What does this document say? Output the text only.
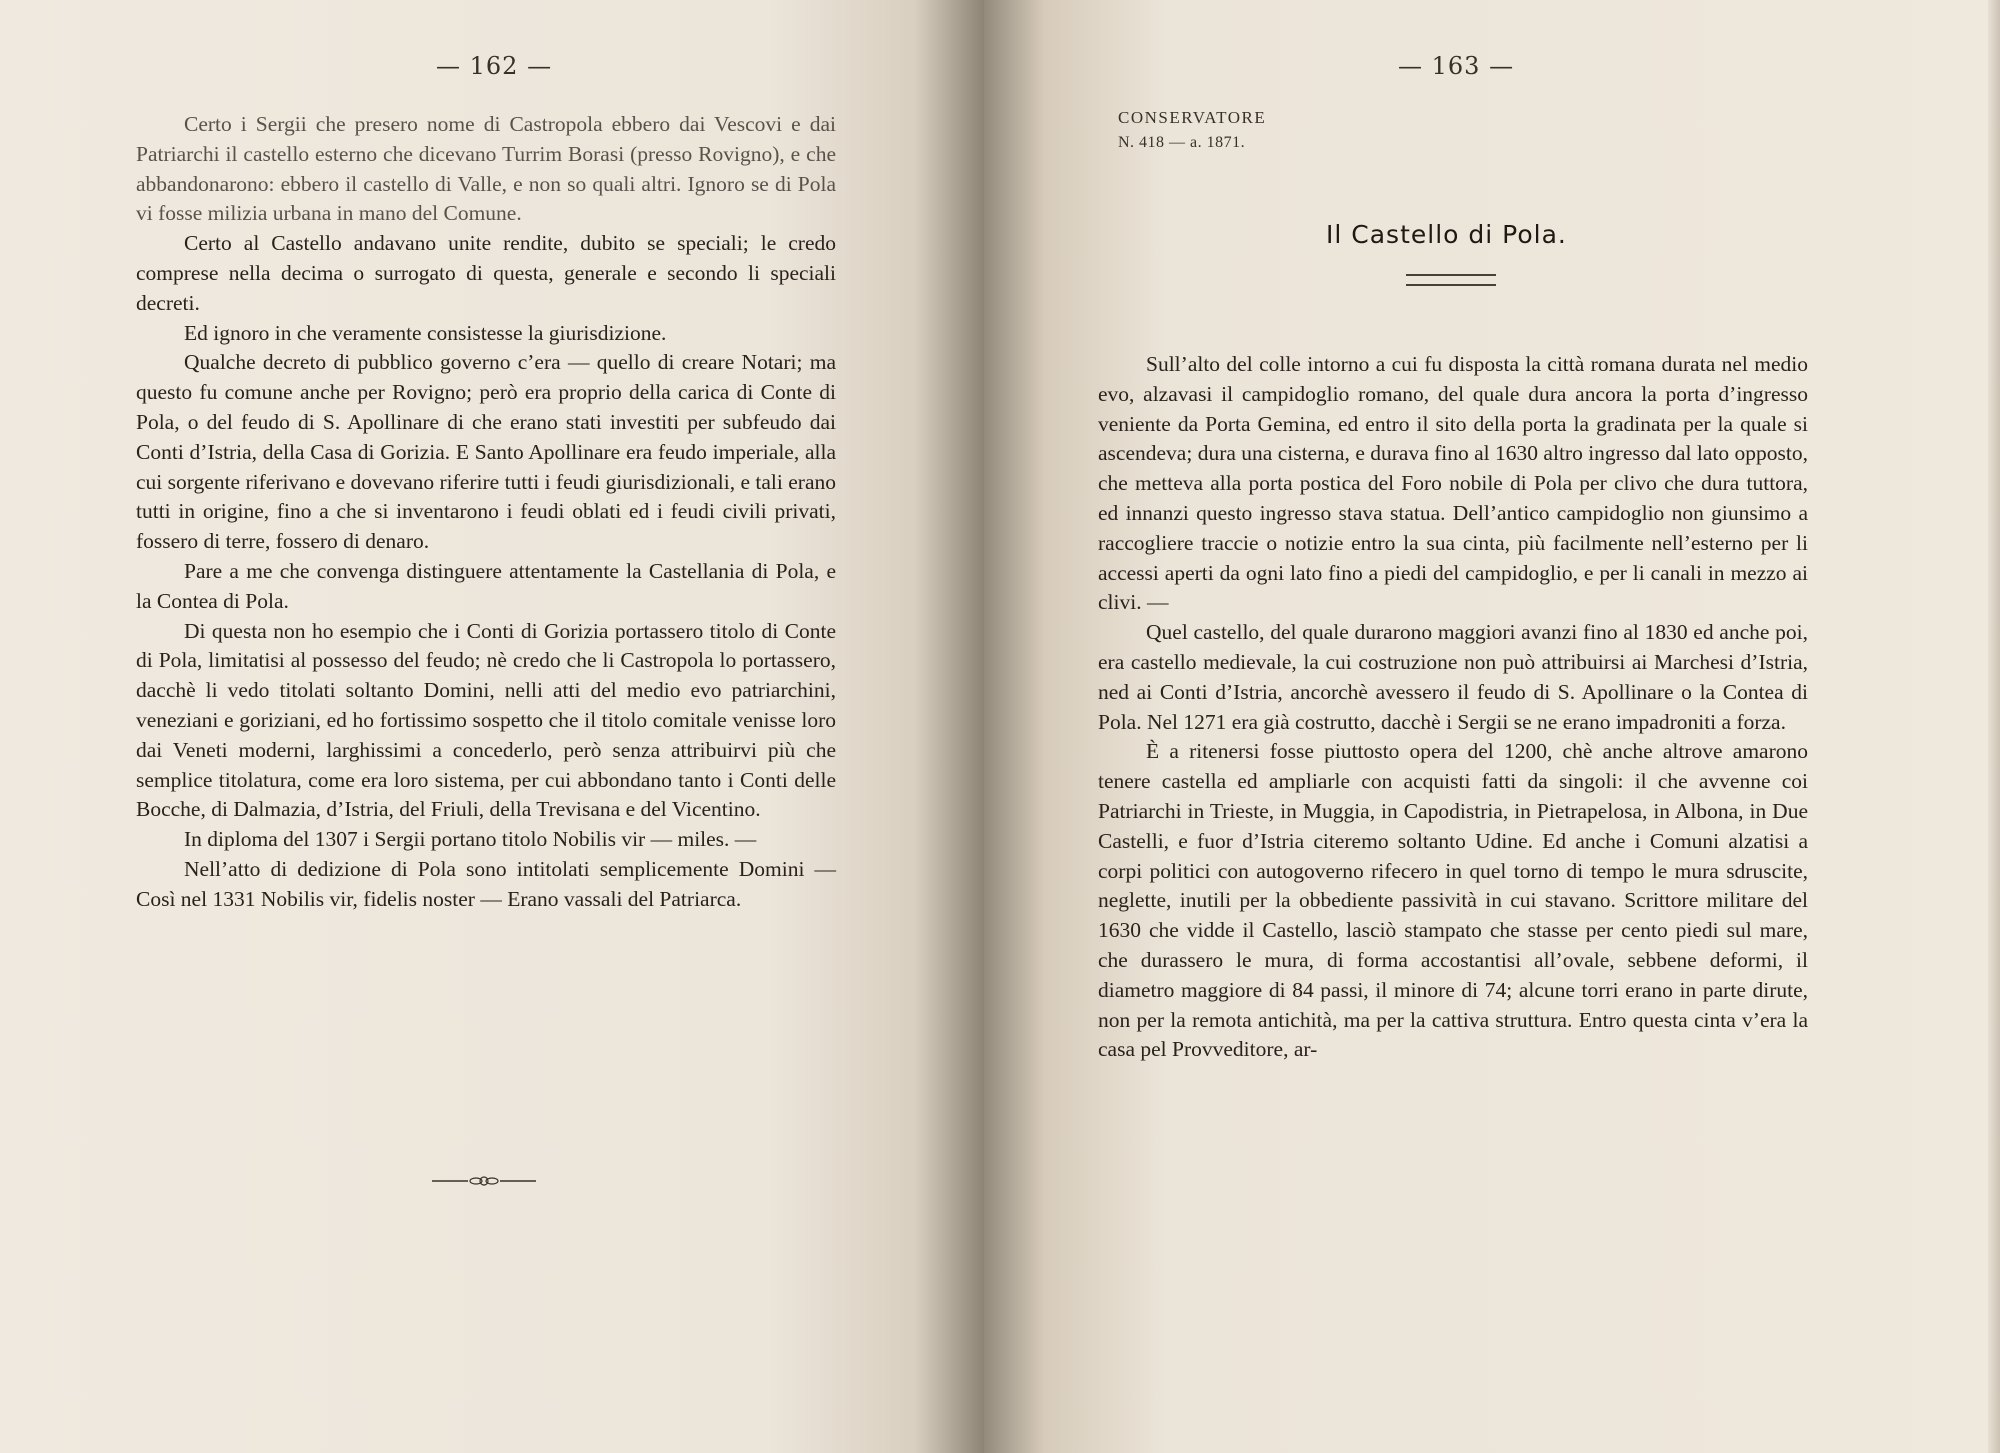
— 162 —

Certo i Sergii che presero nome di Castropola ebbero dai Vescovi e dai Patriarchi il castello esterno che dicevano Turrim Borasi (presso Rovigno), e che abbandonarono: ebbero il castello di Valle, e non so quali altri. Ignoro se di Pola vi fosse milizia urbana in mano del Comune.

Certo al Castello andavano unite rendite, dubito se speciali; le credo comprese nella decima o surrogato di questa, generale e secondo li speciali decreti.

Ed ignoro in che veramente consistesse la giurisdizione.

Qualche decreto di pubblico governo c’era — quello di creare Notari; ma questo fu comune anche per Rovigno; però era proprio della carica di Conte di Pola, o del feudo di S. Apollinare di che erano stati investiti per subfeudo dai Conti d’Istria, della Casa di Gorizia. E Santo Apollinare era feudo imperiale, alla cui sorgente riferivano e dovevano riferire tutti i feudi giurisdizionali, e tali erano tutti in origine, fino a che si inventarono i feudi oblati ed i feudi civili privati, fossero di terre, fossero di denaro.

Pare a me che convenga distinguere attentamente la Castellania di Pola, e la Contea di Pola.

Di questa non ho esempio che i Conti di Gorizia portassero titolo di Conte di Pola, limitatisi al possesso del feudo; nè credo che li Castropola lo portassero, dacchè li vedo titolati soltanto Domini, nelli atti del medio evo patriarchini, veneziani e goriziani, ed ho fortissimo sospetto che il titolo comitale venisse loro dai Veneti moderni, larghissimi a concederlo, però senza attribuirvi più che semplice titolatura, come era loro sistema, per cui abbondano tanto i Conti delle Bocche, di Dalmazia, d’Istria, del Friuli, della Trevisana e del Vicentino.

In diploma del 1307 i Sergii portano titolo Nobilis vir — miles. —

Nell’atto di dedizione di Pola sono intitolati semplicemente Domini — Così nel 1331 Nobilis vir, fidelis noster — Erano vassali del Patriarca.

— 163 —
CONSERVATORE
N. 418 — a. 1871.
Il Castello di Pola.

Sull’alto del colle intorno a cui fu disposta la città romana durata nel medio evo, alzavasi il campidoglio romano, del quale dura ancora la porta d’ingresso veniente da Porta Gemina, ed entro il sito della porta la gradinata per la quale si ascendeva; dura una cisterna, e durava fino al 1630 altro ingresso dal lato opposto, che metteva alla porta postica del Foro nobile di Pola per clivo che dura tuttora, ed innanzi questo ingresso stava statua. Dell’antico campidoglio non giunsimo a raccogliere traccie o notizie entro la sua cinta, più facilmente nell’esterno per li accessi aperti da ogni lato fino a piedi del campidoglio, e per li canali in mezzo ai clivi. —

Quel castello, del quale durarono maggiori avanzi fino al 1830 ed anche poi, era castello medievale, la cui costruzione non può attribuirsi ai Marchesi d’Istria, ned ai Conti d’Istria, ancorchè avessero il feudo di S. Apollinare o la Contea di Pola. Nel 1271 era già costrutto, dacchè i Sergii se ne erano impadroniti a forza.

È a ritenersi fosse piuttosto opera del 1200, chè anche altrove amarono tenere castella ed ampliarle con acquisti fatti da singoli: il che avvenne coi Patriarchi in Trieste, in Muggia, in Capodistria, in Pietrapelosa, in Albona, in Due Castelli, e fuor d’Istria citeremo soltanto Udine. Ed anche i Comuni alzatisi a corpi politici con autogoverno rifecero in quel torno di tempo le mura sdruscite, neglette, inutili per la obbediente passività in cui stavano. Scrittore militare del 1630 che vidde il Castello, lasciò stampato che stasse per cento piedi sul mare, che durassero le mura, di forma accostantisi all’ovale, sebbene deformi, il diametro maggiore di 84 passi, il minore di 74; alcune torri erano in parte dirute, non per la remota antichità, ma per la cattiva struttura. Entro questa cinta v’era la casa pel Provveditore, ar-
